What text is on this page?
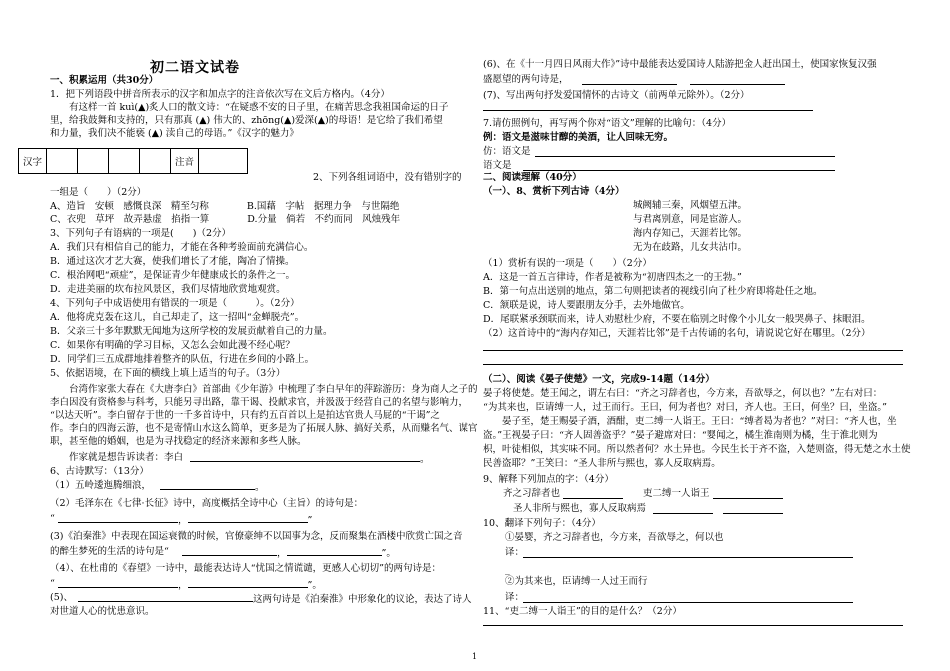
初二语文试卷
一、积累运用（共30分）
1．把下列语段中拼音所表示的汉字和加点字的注音依次写在文后方格内。（4分）
　　有这样一首 kuì(▲)炙人口的散文诗：“在疑惑不安的日子里，在痛苦思念我祖国命运的日子
里，给我鼓舞和支持的，只有那真 (▲) 伟大的、zhōng(▲)爱深(▲)的母语！是它给了我们希望
和力量，我们决不能亵 (▲) 渎自己的母语。”《汉字的魅力》
2、下列各组词语中，没有错别字的
一组是（　　）（2分）
A、造旨　安顿　感慨良深　精至匀称　　　　B.国藉　字帖　据理力争　与世隔绝
C、衣兜　草坪　故弄悬虚　掐指一算　　　　D.分量　倘若　不约而同　风烛残年
3、下列句子有语病的一项是(　　)（2分）
A．我们只有相信自己的能力，才能在各种考验面前充满信心。
B．通过这次才艺大赛，使我们增长了才能，陶冶了情操。
C．根治网吧“顽症”，是保证青少年健康成长的条件之一。
D．走进美丽的坎布拉风景区，我们尽情地欣赏地观赏。
4、下列句子中成语使用有错误的一项是（　　　）。（2分）
A．他将虎克轰在这儿，自己却走了，这一招叫“金蝉脱壳”。
B．父亲三十多年默默无闻地为这所学校的发展贡献着自己的力量。
C．如果你有明确的学习目标，又怎么会如此漫不经心呢？
D．同学们三五成群地排着整齐的队伍，行进在乡间的小路上。
5、依据语境，在下面的横线上填上适当的句子。（3分）
　　台湾作家张大春在《大唐李白》首部曲《少年游》中梳理了李白早年的萍踪游历：身为商人之子的
李白因没有资格参与科考，只能另寻出路，靠干谒、投献求官，并汲汲于经营自己的名望与影响力，
“以达天听”。李白留存于世的一千多首诗中，只有约五百首以上是拍达官贵人马屁的“干谒”之
作。李白的四海云游，也不是寄情山水这么简单，更多是为了拓展人脉、搞好关系，从而赚名气、谋官
职，甚至他的婚姻，也是为寻找稳定的经济来源和多些人脉。
　　作家就是想告诉读者：李白
6、古诗默写：（13分）
（1）五岭逶迤腾细浪，
（2）毛泽东在《七律·长征》诗中，高度概括全诗中心（主旨）的诗句是：
“
(3)《泊秦淮》中表现在国运衰微的时候，官僚豪绅不以国事为念，反而聚集在酒楼中欣赏亡国之音
的醉生梦死的生活的诗句是“
（4）、在杜甫的《春望》一诗中，最能表达诗人“忧国之情谎谴，更感人心切切”的两句诗是：
“
(5)、
对世道人心的忧患意识。
(6)、在《十一月四日风雨大作》”诗中最能表达爱国诗人陆游把金人赶出国土，使国家恢复汉强
盛愿望的两句诗是，
(7)、写出两句抒发爱国情怀的古诗文（前两单元除外）。（2分）
7.请仿照例句，再写两个你对“语文”理解的比喻句：（4分）
例：语文是滋味甘醇的美酒，让人回味无穷。
仿：语文是
语文是
二、阅读理解（40分）
（一）、8、赏析下列古诗（4分）
城阙辅三秦，风烟望五津。
与君离别意，同是宦游人。
海内存知己，天涯若比邻。
无为在歧路，儿女共沾巾。
（1）赏析有误的一项是（　　）（2分）
A．这是一首五言律诗，作者是被称为“初唐四杰之一的王勃。”
B．第一句点出送别的地点，第二句则把读者的视线引向了杜少府即将赴任之地。
C．颔联是说，诗人要跟朋友分手，去外地做官。
D．尾联紧承颈联而来，诗人劝慰杜少府，不要在临别之时像个小儿女一般哭鼻子、抹眼泪。
（2）这首诗中的“海内存知己，天涯若比邻”是千古传诵的名句，请说说它好在哪里。（2分）
（二）、阅读《晏子使楚》一文，完成9-14题（14分）
晏子将使楚。楚王闻之，谓左右曰：“齐之习辞者也，今方来，吾欲辱之，何以也？”左右对曰：
“为其来也，臣请缚一人，过王而行。王曰，何为者也？对曰，齐人也。王曰，何坐？曰，坐盗。”
　　晏子至，楚王赐晏子酒，酒酣，吏二缚一人诣王。王曰：“缚者曷为者也？”对曰：“齐人也，坐
盗。”王视晏子曰：“齐人固善盗乎？”晏子避席对曰：“婴闻之，橘生淮南则为橘，生于淮北则为
枳，叶徒相似，其实味不同。所以然者何？水土异也。今民生长于齐不盗，入楚则盗，得无楚之水土使
民善盗耶？”王笑曰：“圣人非所与熙也，寡人反取病焉。
9、解释下列加点的字：（4分）
齐之习辞者也	吏二缚一人诣王
圣人非所与熙也，寡人反取病焉
10、翻译下列句子：（4分）
①晏婴，齐之习辞者也，今方来，吾欲辱之，何以也
译：
_
②为其来也，臣请缚一人过王而行
译：
11、“吏二缚一人诣王”的目的是什么？（2分）
汉字					注音	
。
。
，	”
，	”。
，	”。
这两句诗是《泊秦淮》中形象化的议论，表达了诗人
1
